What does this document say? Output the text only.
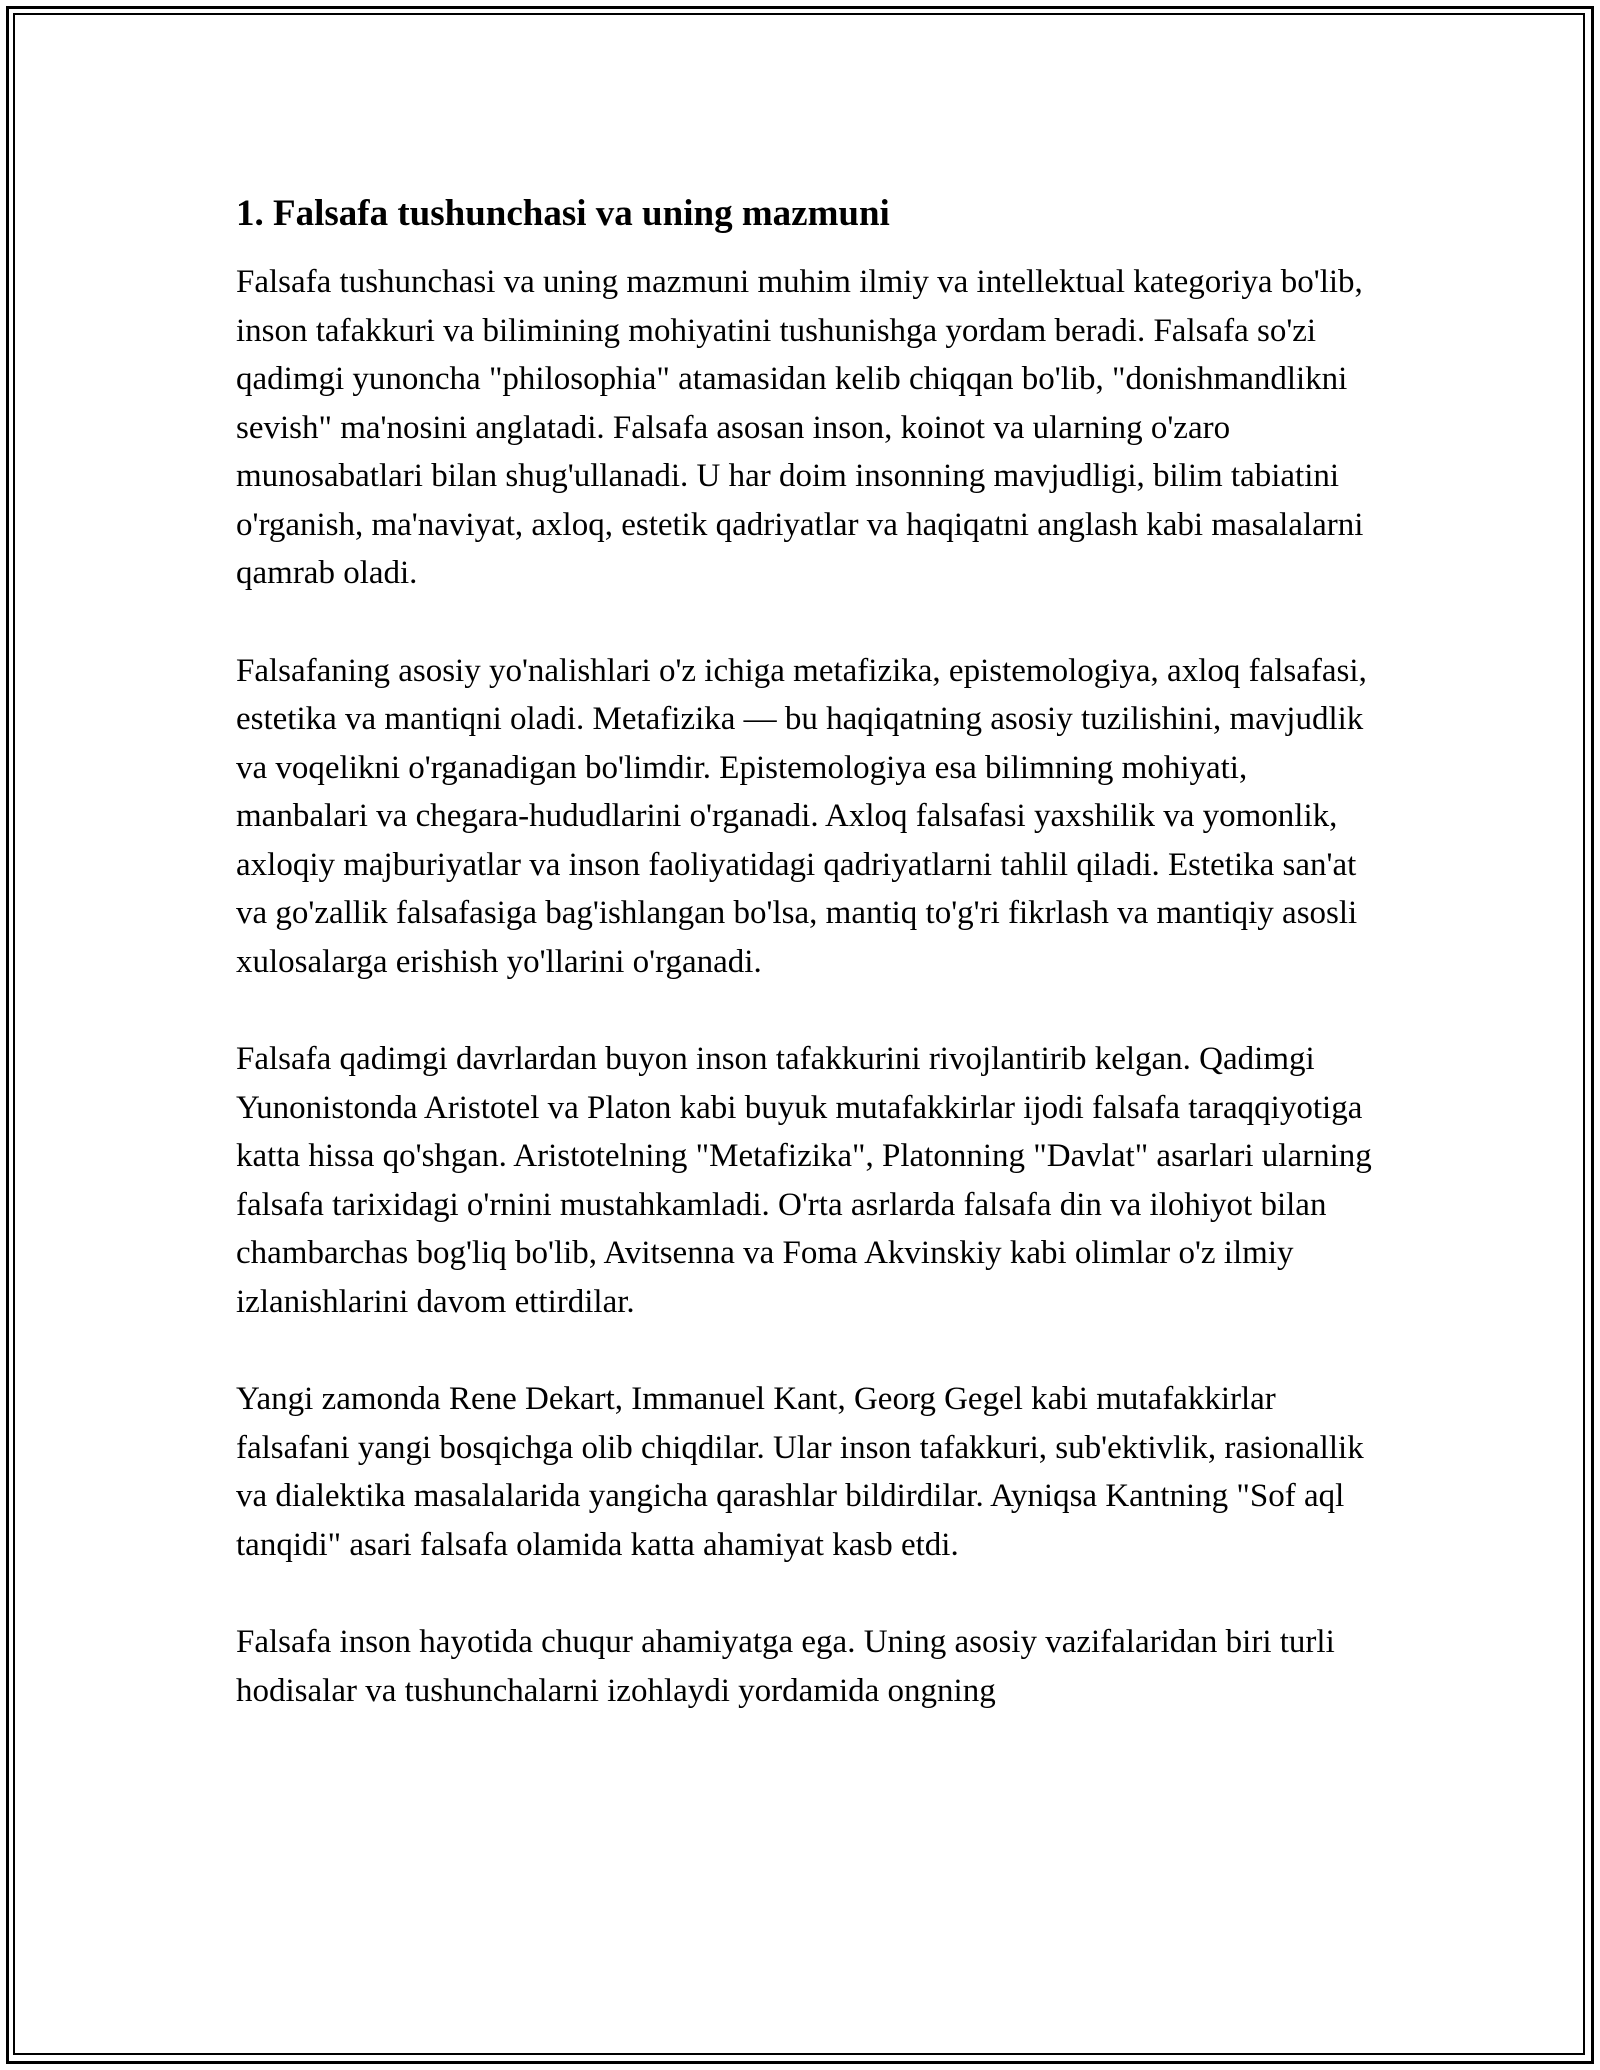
1. Falsafa tushunchasi va uning mazmuni

Falsafa tushunchasi va uning mazmuni muhim ilmiy va intellektual kategoriya bo'lib, inson tafakkuri va bilimining mohiyatini tushunishga yordam beradi. Falsafa so'zi qadimgi yunoncha "philosophia" atamasidan kelib chiqqan bo'lib, "donishmandlikni sevish" ma'nosini anglatadi. Falsafa asosan inson, koinot va ularning o'zaro munosabatlari bilan shug'ullanadi. U har doim insonning mavjudligi, bilim tabiatini o'rganish, ma'naviyat, axloq, estetik qadriyatlar va haqiqatni anglash kabi masalalarni qamrab oladi.

Falsafaning asosiy yo'nalishlari o'z ichiga metafizika, epistemologiya, axloq falsafasi, estetika va mantiqni oladi. Metafizika — bu haqiqatning asosiy tuzilishini, mavjudlik va voqelikni o'rganadigan bo'limdir. Epistemologiya esa bilimning mohiyati, manbalari va chegara-hududlarini o'rganadi. Axloq falsafasi yaxshilik va yomonlik, axloqiy majburiyatlar va inson faoliyatidagi qadriyatlarni tahlil qiladi. Estetika san'at va go'zallik falsafasiga bag'ishlangan bo'lsa, mantiq to'g'ri fikrlash va mantiqiy asosli xulosalarga erishish yo'llarini o'rganadi.

Falsafa qadimgi davrlardan buyon inson tafakkurini rivojlantirib kelgan. Qadimgi Yunonistonda Aristotel va Platon kabi buyuk mutafakkirlar ijodi falsafa taraqqiyotiga katta hissa qo'shgan. Aristotelning "Metafizika", Platonning "Davlat" asarlari ularning falsafa tarixidagi o'rnini mustahkamladi. O'rta asrlarda falsafa din va ilohiyot bilan chambarchas bog'liq bo'lib, Avitsenna va Foma Akvinskiy kabi olimlar o'z ilmiy izlanishlarini davom ettirdilar.

Yangi zamonda Rene Dekart, Immanuel Kant, Georg Gegel kabi mutafakkirlar falsafani yangi bosqichga olib chiqdilar. Ular inson tafakkuri, sub'ektivlik, rasionallik va dialektika masalalarida yangicha qarashlar bildirdilar. Ayniqsa Kantning "Sof aql tanqidi" asari falsafa olamida katta ahamiyat kasb etdi.

Falsafa inson hayotida chuqur ahamiyatga ega. Uning asosiy vazifalaridan biri turli hodisalar va tushunchalarni izohlaydi yordamida ongning
